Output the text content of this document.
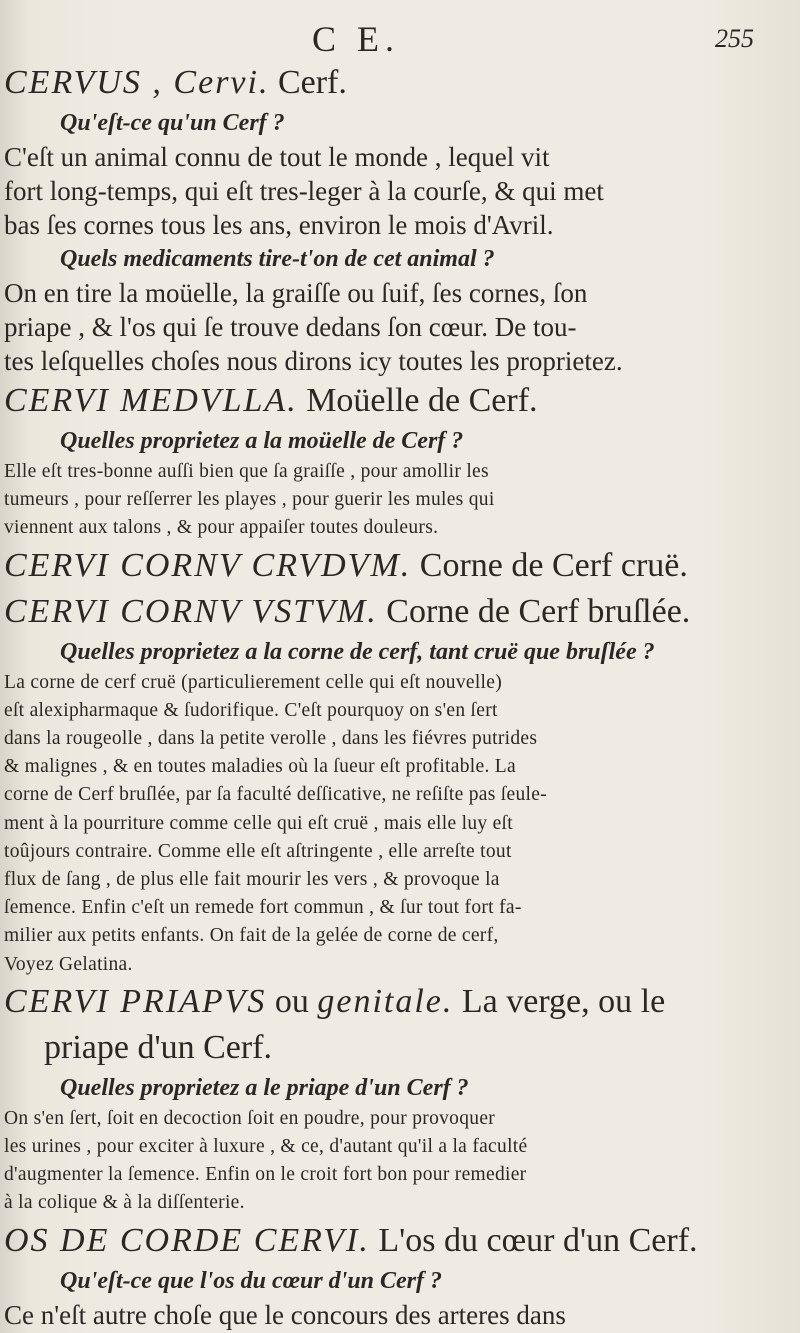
C E.	255
CERVUS , Cervi. Cerf.
Qu'eſt-ce qu'un Cerf ?
C'eſt un animal connu de tout le monde , lequel vit
fort long-temps, qui eſt tres-leger à la courſe, & qui met
bas ſes cornes tous les ans, environ le mois d'Avril.
Quels medicaments tire-t'on de cet animal ?
On en tire la moüelle, la graiſſe ou ſuif, ſes cornes, ſon
priape , & l'os qui ſe trouve dedans ſon cœur. De tou-
tes leſquelles choſes nous dirons icy toutes les proprietez.
CERVI MEDVLLA. Moüelle de Cerf.
Quelles proprietez a la moüelle de Cerf ?
Elle eſt tres-bonne auſſi bien que ſa graiſſe , pour amollir les
tumeurs , pour reſſerrer les playes , pour guerir les mules qui
viennent aux talons , & pour appaiſer toutes douleurs.
CERVI CORNV CRVDVM. Corne de Cerf cruë.
CERVI CORNV VSTVM. Corne de Cerf bruſlée.
Quelles proprietez a la corne de cerf, tant cruë que bruſlée ?
La corne de cerf cruë (particulierement celle qui eſt nouvelle)
eſt alexipharmaque & ſudorifique. C'eſt pourquoy on s'en ſert
dans la rougeolle , dans la petite verolle , dans les fiévres putrides
& malignes , & en toutes maladies où la ſueur eſt profitable. La
corne de Cerf bruſlée, par ſa faculté deſſicative, ne reſiſte pas ſeule-
ment à la pourriture comme celle qui eſt cruë , mais elle luy eſt
toûjours contraire. Comme elle eſt aſtringente , elle arreſte tout
flux de ſang , de plus elle fait mourir les vers , & provoque la
ſemence. Enfin c'eſt un remede fort commun , & ſur tout fort fa-
milier aux petits enfants. On fait de la gelée de corne de cerf,
Voyez Gelatina.
CERVI PRIAPVS ou genitale. La verge, ou le
priape d'un Cerf.
Quelles proprietez a le priape d'un Cerf ?
On s'en ſert, ſoit en decoction ſoit en poudre, pour provoquer
les urines , pour exciter à luxure , & ce, d'autant qu'il a la faculté
d'augmenter la ſemence. Enfin on le croit fort bon pour remedier
à la colique & à la diſſenterie.
OS DE CORDE CERVI. L'os du cœur d'un Cerf.
Qu'eſt-ce que l'os du cœur d'un Cerf ?
Ce n'eſt autre choſe que le concours des arteres dans
